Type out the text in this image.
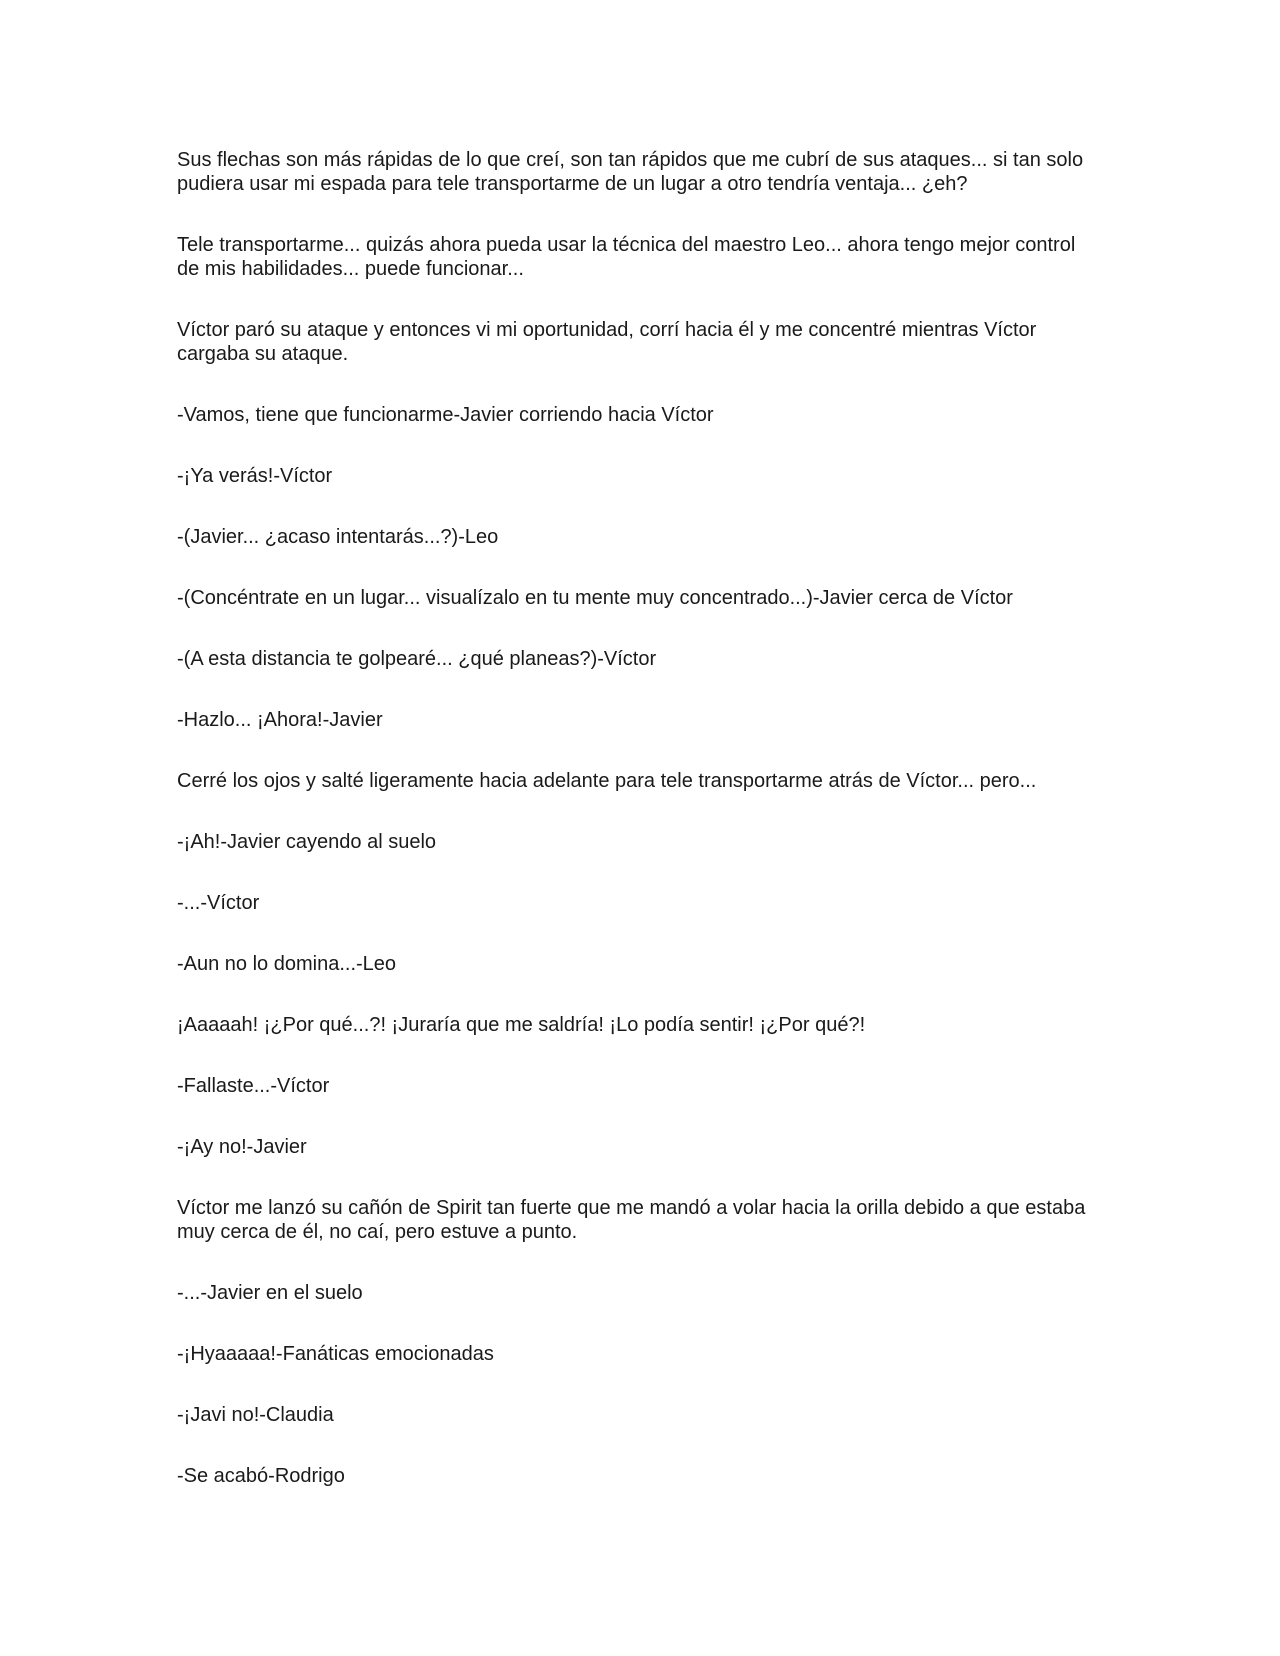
Sus flechas son más rápidas de lo que creí, son tan rápidos que me cubrí de sus ataques... si tan solo pudiera usar mi espada para tele transportarme de un lugar a otro tendría ventaja... ¿eh?

Tele transportarme... quizás ahora pueda usar la técnica del maestro Leo... ahora tengo mejor control de mis habilidades... puede funcionar...

Víctor paró su ataque y entonces vi mi oportunidad, corrí hacia él y me concentré mientras Víctor cargaba su ataque.

-Vamos, tiene que funcionarme-Javier corriendo hacia Víctor

-¡Ya verás!-Víctor

-(Javier... ¿acaso intentarás...?)-Leo

-(Concéntrate en un lugar... visualízalo en tu mente muy concentrado...)-Javier cerca de Víctor

-(A esta distancia te golpearé... ¿qué planeas?)-Víctor

-Hazlo... ¡Ahora!-Javier

Cerré los ojos y salté ligeramente hacia adelante para tele transportarme atrás de Víctor... pero...

-¡Ah!-Javier cayendo al suelo

-...-Víctor

-Aun no lo domina...-Leo

¡Aaaaah! ¡¿Por qué...?! ¡Juraría que me saldría! ¡Lo podía sentir! ¡¿Por qué?!

-Fallaste...-Víctor

-¡Ay no!-Javier

Víctor me lanzó su cañón de Spirit tan fuerte que me mandó a volar hacia la orilla debido a que estaba muy cerca de él, no caí, pero estuve a punto.

-...-Javier en el suelo

-¡Hyaaaaa!-Fanáticas emocionadas

-¡Javi no!-Claudia

-Se acabó-Rodrigo
